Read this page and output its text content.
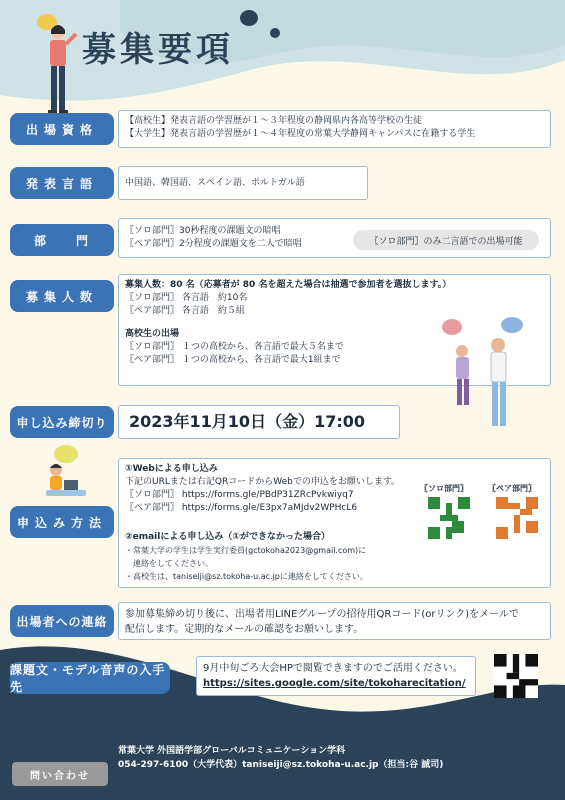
募集要項
出場資格
【高校生】発表言語の学習歴が１～３年程度の静岡県内各高等学校の生徒
【大学生】発表言語の学習歴が１～４年程度の常葉大学静岡キャンパスに在籍する学生
発表言語	中国語、韓国語、スペイン語、ポルトガル語
部　　門
〖ソロ部門〗30秒程度の課題文の暗唱
〖ペア部門〗2分程度の課題文を二人で暗唱	〖ソロ部門〗のみ二言語での出場可能
募集人数
募集人数：80 名（応募者が 80 名を超えた場合は抽選で参加者を選抜します。）
〖ソロ部門〗 各言語　約10名
〖ペア部門〗 各言語　約５組
高校生の出場
〖ソロ部門〗 １つの高校から、各言語で最大５名まで
〖ペア部門〗 １つの高校から、各言語で最大1組まで
申し込み締切り	2023年11月10日（金）17:00
申込み方法
①Webによる申し込み
下記のURLまたは右記QRコードからWebでの申込をお願いします。
〖ソロ部門〗 https://forms.gle/PBdP31ZRcPvkwiyq7
〖ペア部門〗 https://forms.gle/E3px7aMJdv2WPHcL6
②emailによる申し込み（①ができなかった場合）
・常葉大学の学生は学生実行委員(gctokoha2023@gmail.com)に
　連絡をしてください。
・高校生は、taniseiji@sz.tokoha-u.ac.jpに連絡をしてください。
〖ソロ部門〗	〖ペア部門〗
出場者への連絡	参加募集締め切り後に、出場者用LINEグループの招待用QRコード(orリンク)をメールで
配信します。定期的なメールの確認をお願いします。
課題文・モデル音声の入手先
9月中旬ごろ大会HPで閲覧できますのでご活用ください。
https://sites.google.com/site/tokoharecitation/
問い合わせ
常葉大学 外国語学部グローバルコミュニケーション学科
054-297-6100（大学代表）taniseiji@sz.tokoha-u.ac.jp（担当:谷 誠司)
